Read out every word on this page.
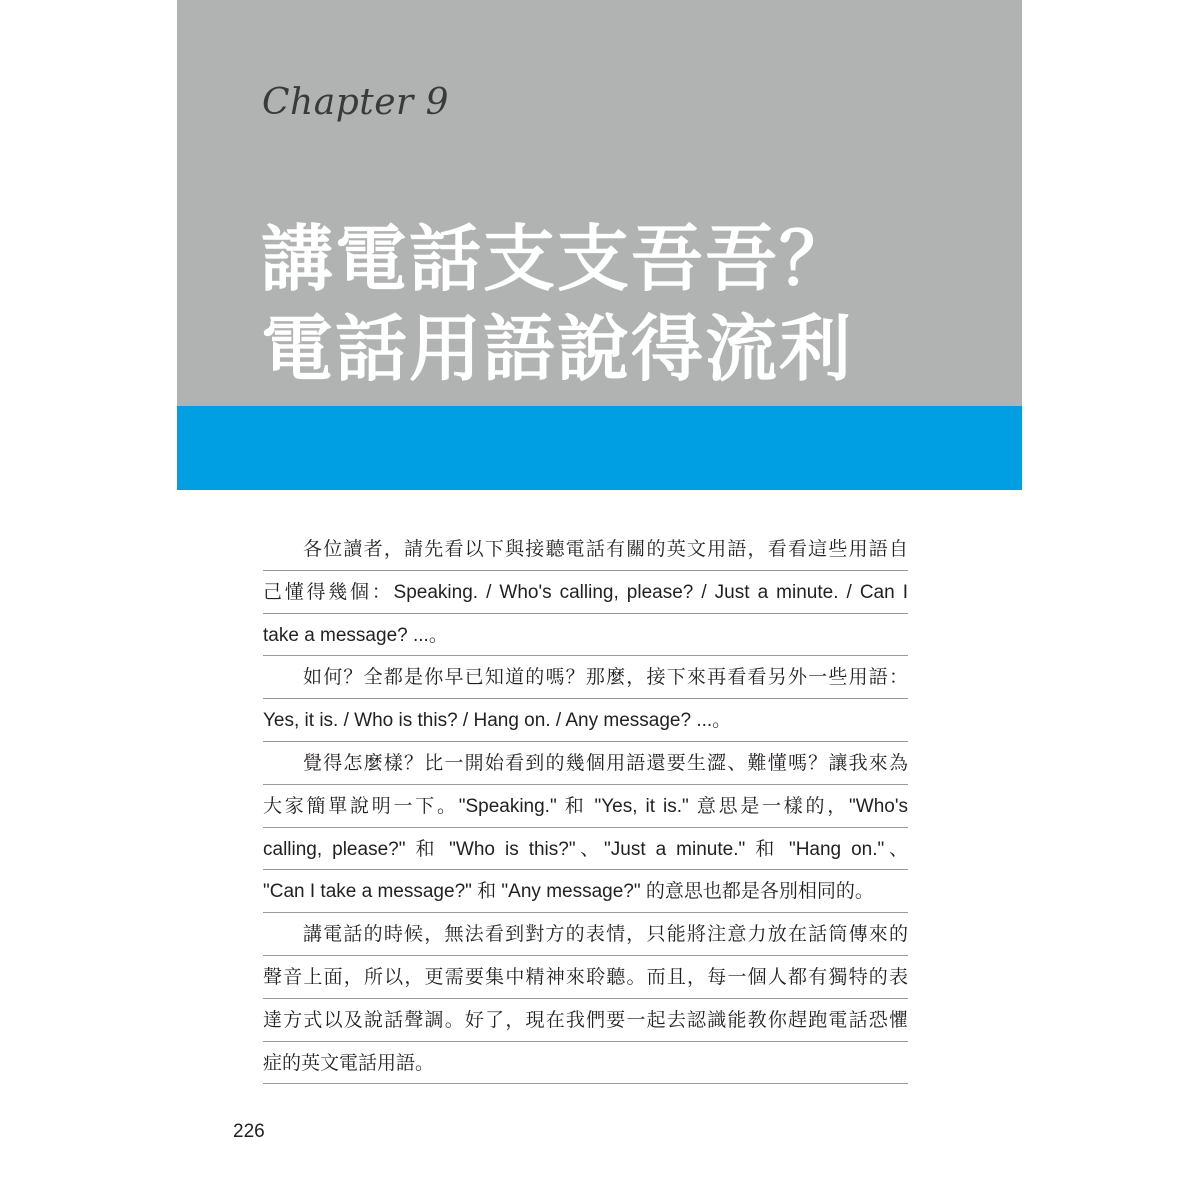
Chapter 9
講電話支支吾吾？
電話用語說得流利
各位讀者，請先看以下與接聽電話有關的英文用語，看看這些用語自
己懂得幾個：Speaking. / Who's calling, please? / Just a minute. / Can I
take a message? ...。
如何？全都是你早已知道的嗎？那麼，接下來再看看另外一些用語：
Yes, it is. / Who is this? / Hang on. / Any message? ...。
覺得怎麼樣？比一開始看到的幾個用語還要生澀、難懂嗎？讓我來為
大家簡單說明一下。"Speaking." 和 "Yes, it is." 意思是一樣的，"Who's
calling, please?" 和 "Who is this?"、"Just a minute." 和 "Hang on."、
"Can I take a message?" 和 "Any message?" 的意思也都是各別相同的。
講電話的時候，無法看到對方的表情，只能將注意力放在話筒傳來的
聲音上面，所以，更需要集中精神來聆聽。而且，每一個人都有獨特的表
達方式以及說話聲調。好了，現在我們要一起去認識能教你趕跑電話恐懼
症的英文電話用語。
226
